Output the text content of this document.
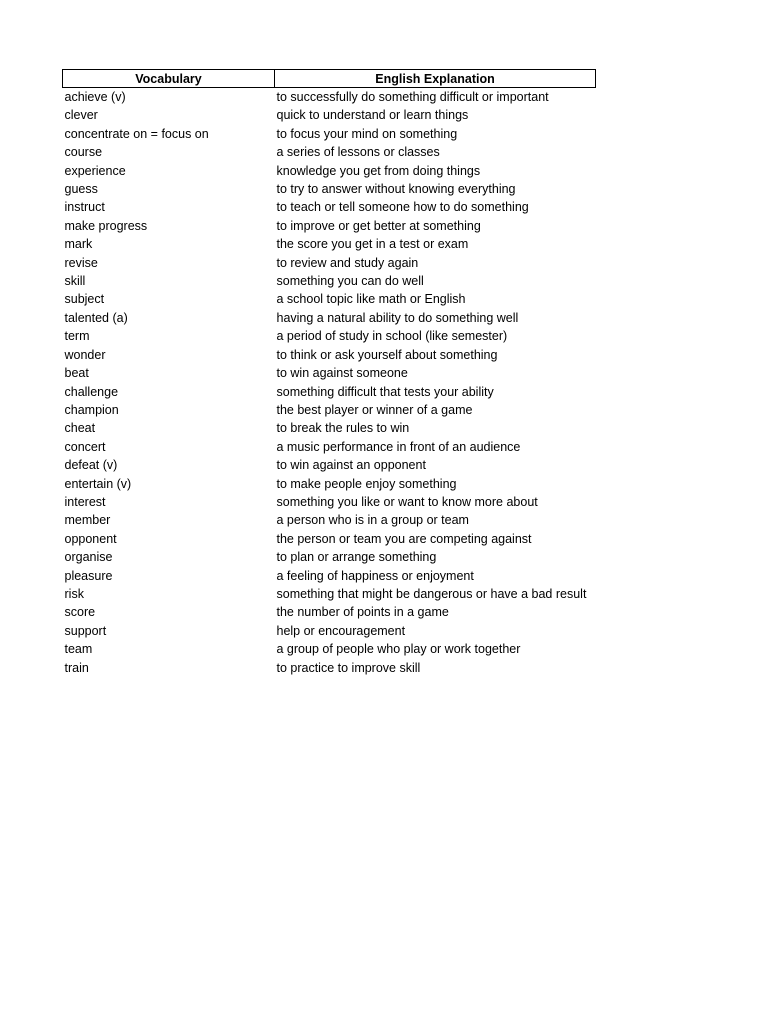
Vocabulary	English Explanation
achieve (v)	to successfully do something difficult or important
clever	quick to understand or learn things
concentrate on = focus on	to focus your mind on something
course	a series of lessons or classes
experience	knowledge you get from doing things
guess	to try to answer without knowing everything
instruct	to teach or tell someone how to do something
make progress	to improve or get better at something
mark	the score you get in a test or exam
revise	to review and study again
skill	something you can do well
subject	a school topic like math or English
talented (a)	having a natural ability to do something well
term	a period of study in school (like semester)
wonder	to think or ask yourself about something
beat	to win against someone
challenge	something difficult that tests your ability
champion	the best player or winner of a game
cheat	to break the rules to win
concert	a music performance in front of an audience
defeat (v)	to win against an opponent
entertain (v)	to make people enjoy something
interest	something you like or want to know more about
member	a person who is in a group or team
opponent	the person or team you are competing against
organise	to plan or arrange something
pleasure	a feeling of happiness or enjoyment
risk	something that might be dangerous or have a bad result
score	the number of points in a game
support	help or encouragement
team	a group of people who play or work together
train	to practice to improve skill
